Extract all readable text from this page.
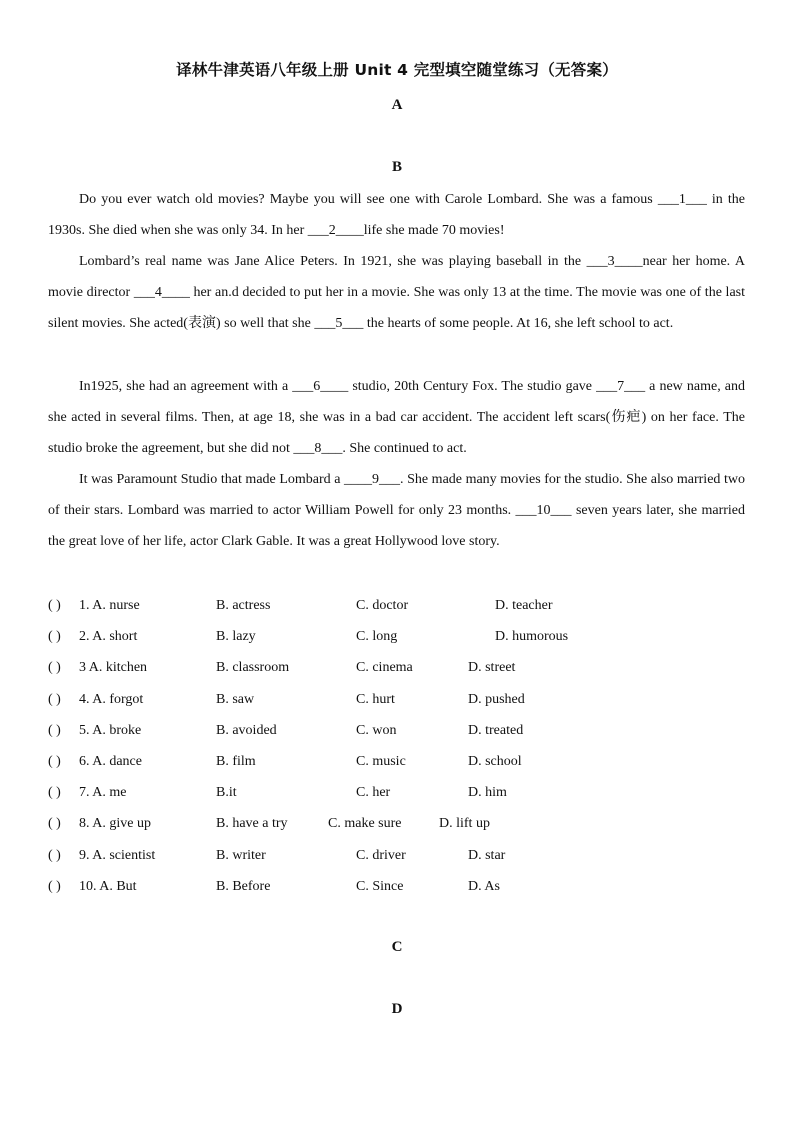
译林牛津英语八年级上册 Unit 4 完型填空随堂练习（无答案）
A
B

Do you ever watch old movies? Maybe you will see one with Carole Lombard. She was a famous ___1___ in the 1930s. She died when she was only 34. In her ___2____life she made 70 movies!

Lombard’s real name was Jane Alice Peters. In 1921, she was playing baseball in the ___3____near her home. A movie director ___4____ her an.d decided to put her in a movie. She was only 13 at the time. The movie was one of the last silent movies. She acted(表演) so well that she ___5___ the hearts of some people. At 16, she left school to act.

In1925, she had an agreement with a ___6____ studio, 20th Century Fox. The studio gave ___7___ a new name, and she acted in several films. Then, at age 18, she was in a bad car accident. The accident left scars(伤疤) on her face. The studio broke the agreement, but she did not ___8___. She continued to act.

It was Paramount Studio that made Lombard a ____9___. She made many movies for the studio. She also married two of their stars. Lombard was married to actor William Powell for only 23 months. ___10___ seven years later, she married the great love of her life, actor Clark Gable. It was a great Hollywood love story.

( ) 1. A. nurse	B. actress	C. doctor	D. teacher
( ) 2. A. short	B. lazy	C. long	D. humorous
( ) 3 A. kitchen	B. classroom	C. cinema	D. street
( ) 4. A. forgot	B. saw	C. hurt	D. pushed
( ) 5. A. broke	B. avoided	C. won	D. treated
( ) 6. A. dance	B. film	C. music	D. school
( ) 7. A. me	B.it	C. her	D. him
( ) 8. A. give up	B. have a try	C. make sure	D. lift up
( ) 9. A. scientist	B. writer	C. driver	D. star
( ) 10. A. But	B. Before	C. Since	D. As
C
D
